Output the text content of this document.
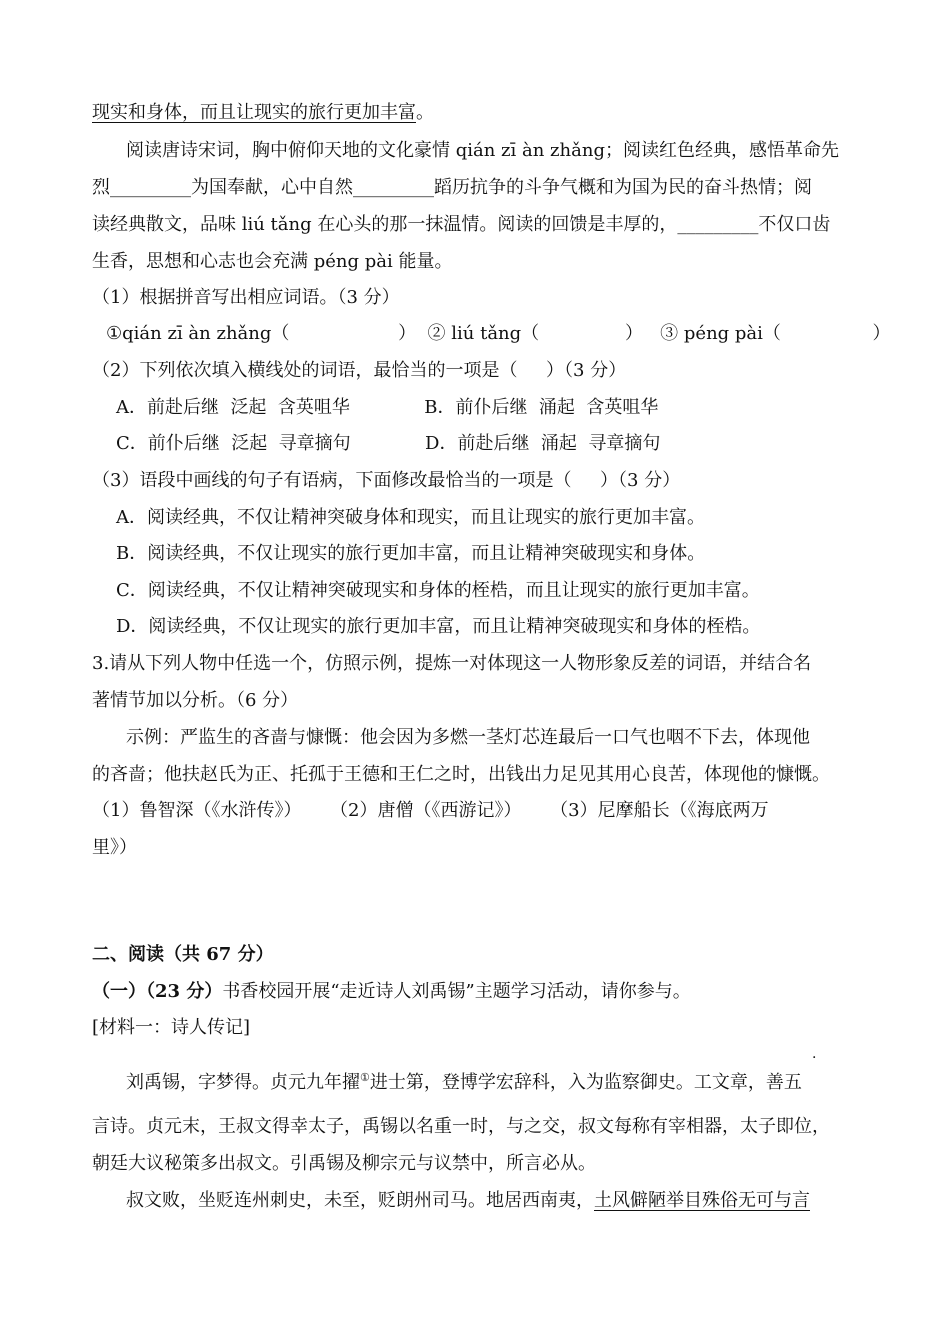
现实和身体，而且让现实的旅行更加丰富。
阅读唐诗宋词，胸中俯仰天地的文化豪情 qián zī àn zhǎng；阅读红色经典，感悟革命先
烈_________为国奉献，心中自然_________蹈历抗争的斗争气概和为国为民的奋斗热情；阅
读经典散文，品味 liú tǎng 在心头的那一抹温情。阅读的回馈是丰厚的，_________不仅口齿
生香，思想和心志也会充满 péng pài 能量。
（1）根据拼音写出相应词语。（3 分）
①qián zī àn zhǎng（                   ）  ② liú tǎng（               ）   ③ péng pài（                ）
（2）下列依次填入横线处的词语，最恰当的一项是（     ）（3 分）
A．前赴后继  泛起  含英咀华             B．前仆后继  涌起  含英咀华
C．前仆后继  泛起  寻章摘句             D．前赴后继  涌起  寻章摘句
（3）语段中画线的句子有语病，下面修改最恰当的一项是（     ）（3 分）
A．阅读经典，不仅让精神突破身体和现实，而且让现实的旅行更加丰富。
B．阅读经典，不仅让现实的旅行更加丰富，而且让精神突破现实和身体。
C．阅读经典，不仅让精神突破现实和身体的桎梏，而且让现实的旅行更加丰富。
D．阅读经典，不仅让现实的旅行更加丰富，而且让精神突破现实和身体的桎梏。
3.请从下列人物中任选一个，仿照示例，提炼一对体现这一人物形象反差的词语，并结合名
著情节加以分析。（6 分）
示例：严监生的吝啬与慷慨：他会因为多燃一茎灯芯连最后一口气也咽不下去，体现他
的吝啬；他扶赵氏为正、托孤于王德和王仁之时，出钱出力足见其用心良苦，体现他的慷慨。
（1）鲁智深（《水浒传》）     （2）唐僧（《西游记》）     （3）尼摩船长（《海底两万
里》）
二、阅读（共 67 分）
（一）（23 分）书香校园开展“走近诗人刘禹锡”主题学习活动，请你参与。
[材料一：诗人传记]
刘禹锡，字梦得。贞元九年擢①进士第，登博学宏辞科，入为监察御史。工文章，善五
·
言诗。贞元末，王叔文得幸太子，禹锡以名重一时，与之交，叔文每称有宰相器，太子即位，
朝廷大议秘策多出叔文。引禹锡及柳宗元与议禁中，所言必从。
叔文败，坐贬连州刺史，未至，贬朗州司马。地居西南夷，土风僻陋举目殊俗无可与言
